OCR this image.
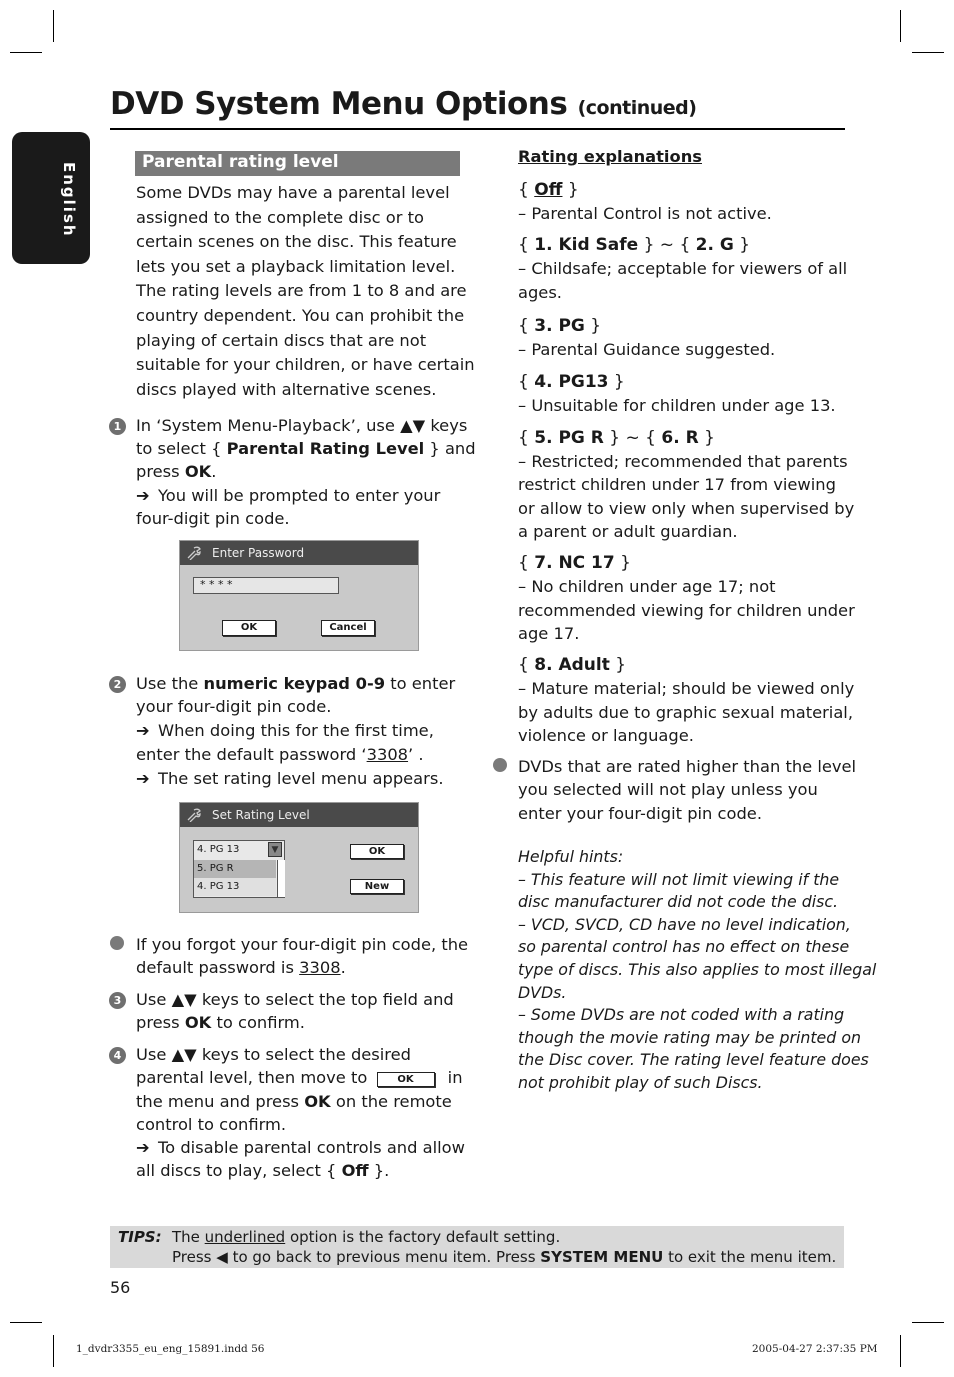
DVD System Menu Options (continued)
English	Parental rating level
Some DVDs may have a parental level
assigned to the complete disc or to
certain scenes on the disc. This feature
lets you set a playback limitation level.
The rating levels are from 1 to 8 and are
country dependent. You can prohibit the
playing of certain discs that are not
suitable for your children, or have certain
discs played with alternative scenes.
1 In ‘System Menu-Playback’, use ▲▼ keys
to select { Parental Rating Level } and
press OK.
➔ You will be prompted to enter your
four-digit pin code.
Enter Password
* * * *
OK	Cancel
2 Use the numeric keypad 0-9 to enter
your four-digit pin code.
➔ When doing this for the first time,
enter the default password ‘3308’ .
➔ The set rating level menu appears.
Set Rating Level
4. PG 13	▼
5. PG R
4. PG 13
OK
New
If you forgot your four-digit pin code, the
default password is 3308.
3 Use ▲▼ keys to select the top field and
press OK to confirm.
4 Use ▲▼ keys to select the desired
parental level, then move to OK in
the menu and press OK on the remote
control to confirm.
➔ To disable parental controls and allow
all discs to play, select { Off }.
Rating explanations
{ Off }
– Parental Control is not active.
{ 1. Kid Safe } ~ { 2. G }
– Childsafe; acceptable for viewers of all
ages.
{ 3. PG }
– Parental Guidance suggested.
{ 4. PG13 }
– Unsuitable for children under age 13.
{ 5. PG R } ~ { 6. R }
– Restricted; recommended that parents
restrict children under 17 from viewing
or allow to view only when supervised by
a parent or adult guardian.
{ 7. NC 17 }
– No children under age 17; not
recommended viewing for children under
age 17.
{ 8. Adult }
– Mature material; should be viewed only
by adults due to graphic sexual material,
violence or language.
DVDs that are rated higher than the level
you selected will not play unless you
enter your four-digit pin code.
Helpful hints:
– This feature will not limit viewing if the
disc manufacturer did not code the disc.
– VCD, SVCD, CD have no level indication,
so parental control has no effect on these
type of discs. This also applies to most illegal
DVDs.
– Some DVDs are not coded with a rating
though the movie rating may be printed on
the Disc cover. The rating level feature does
not prohibit play of such Discs.
TIPS: The underlined option is the factory default setting.
Press ◀ to go back to previous menu item. Press SYSTEM MENU to exit the menu item.
56
1_dvdr3355_eu_eng_15891.indd 56	2005-04-27 2:37:35 PM
